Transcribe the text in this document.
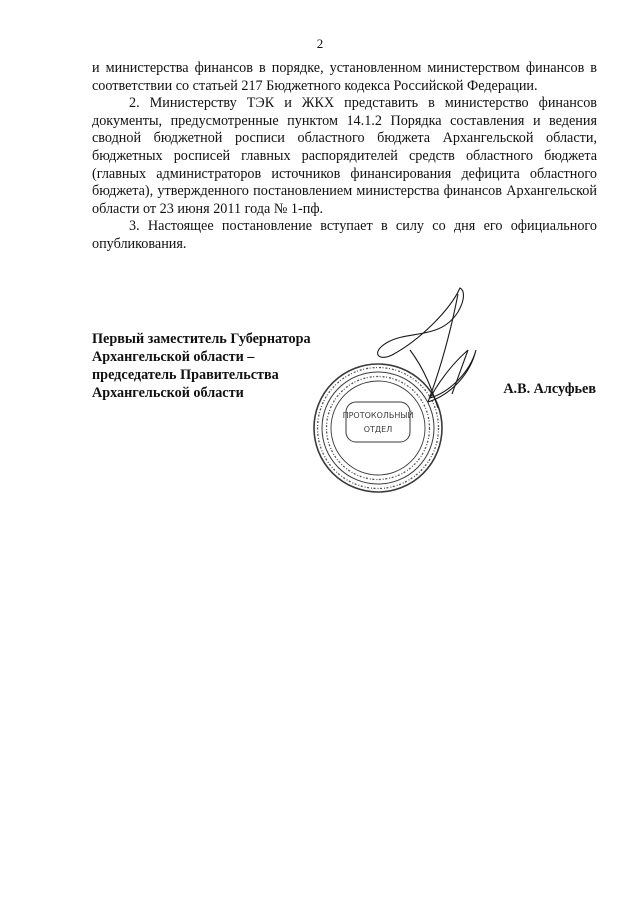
2

и министерства финансов в порядке, установленном министерством финансов в соответствии со статьей 217 Бюджетного кодекса Российской Федерации.

2. Министерству ТЭК и ЖКХ представить в министерство финансов документы, предусмотренные пунктом 14.1.2 Порядка составления и ведения сводной бюджетной росписи областного бюджета Архангельской области, бюджетных росписей главных распорядителей средств областного бюджета (главных администраторов источников финансирования дефицита областного бюджета), утвержденного постановлением министерства финансов Архангельской области от 23 июня 2011 года № 1-пф.

3. Настоящее постановление вступает в силу со дня его официального опубликования.

Первый заместитель Губернатора
Архангельской области –
председатель Правительства
Архангельской области	А.В. Алсуфьев
ПРОТОКОЛЬНЫЙ
ОТДЕЛ
